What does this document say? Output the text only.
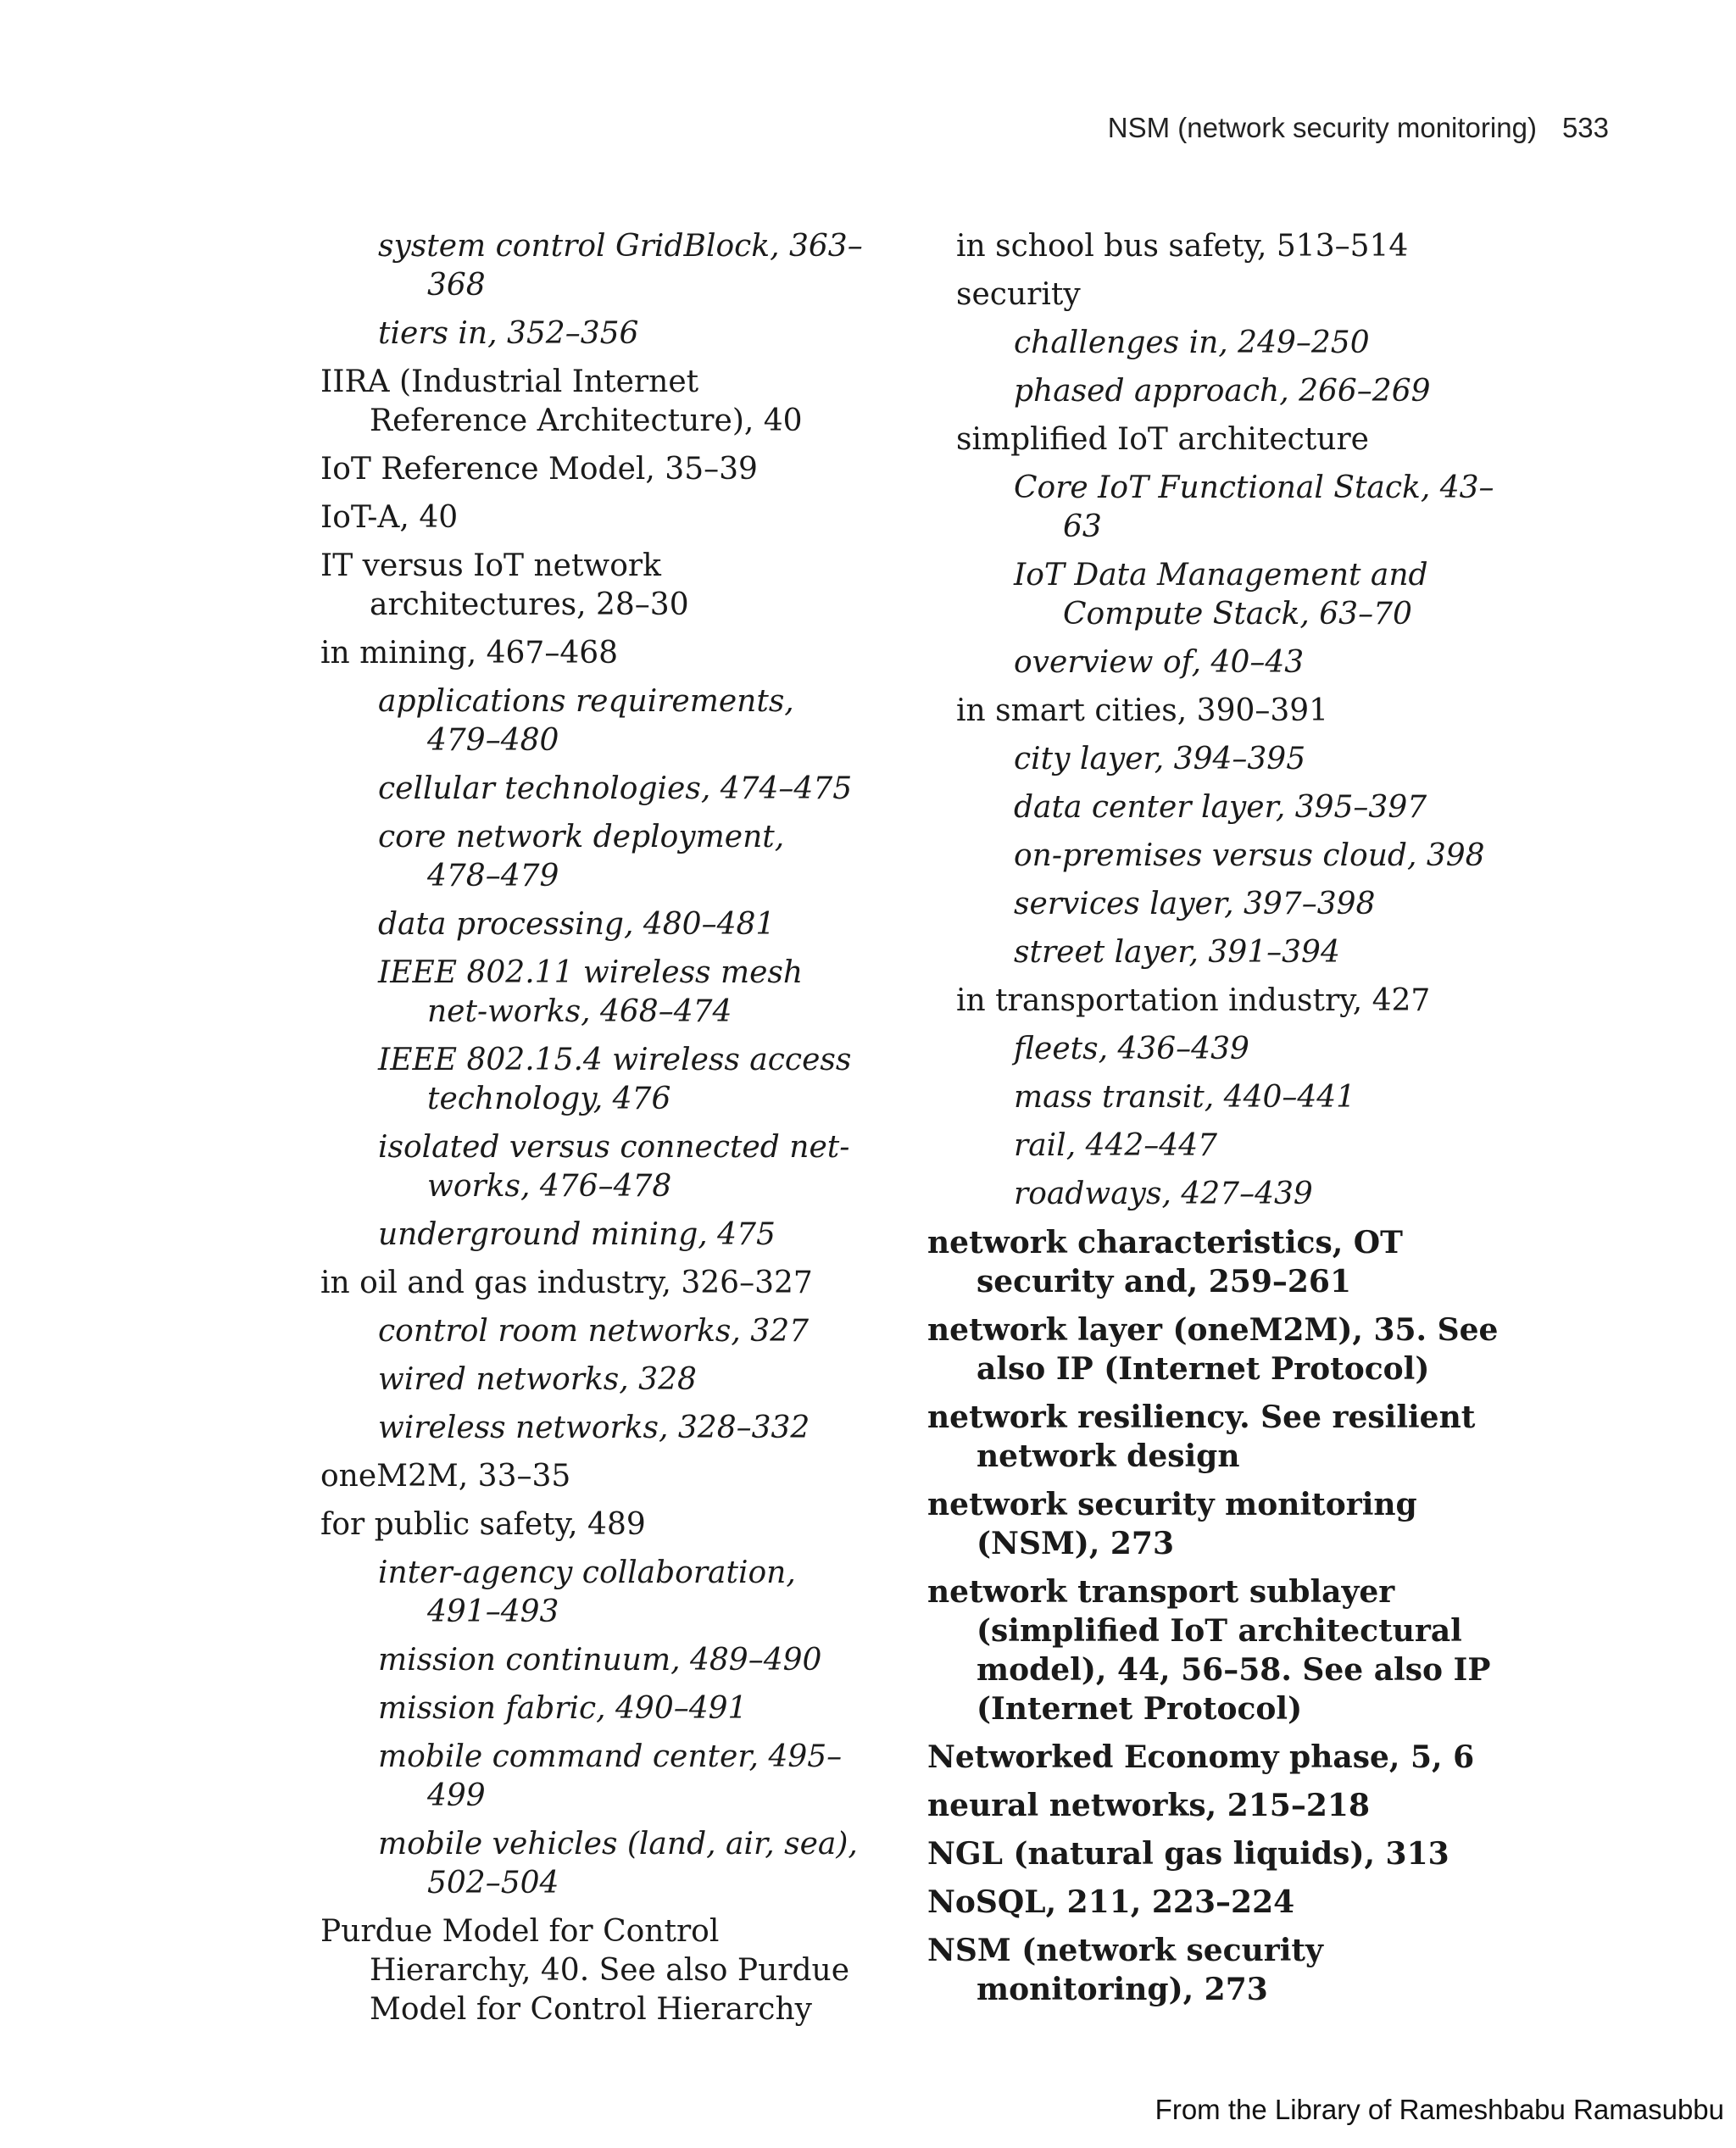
NSM (network security monitoring) 533
system control GridBlock, 363–368
tiers in, 352–356
IIRA (Industrial Internet Reference Architecture), 40
IoT Reference Model, 35–39
IoT-A, 40
IT versus IoT network architectures, 28–30
in mining, 467–468
applications requirements, 479–480
cellular technologies, 474–475
core network deployment, 478–479
data processing, 480–481
IEEE 802.11 wireless mesh net-works, 468–474
IEEE 802.15.4 wireless access technology, 476
isolated versus connected net-works, 476–478
underground mining, 475
in oil and gas industry, 326–327
control room networks, 327
wired networks, 328
wireless networks, 328–332
oneM2M, 33–35
for public safety, 489
inter-agency collaboration, 491–493
mission continuum, 489–490
mission fabric, 490–491
mobile command center, 495–499
mobile vehicles (land, air, sea), 502–504
Purdue Model for Control Hierarchy, 40. See also Purdue Model for Control Hierarchy
in school bus safety, 513–514
security
challenges in, 249–250
phased approach, 266–269
simplified IoT architecture
Core IoT Functional Stack, 43–63
IoT Data Management and Compute Stack, 63–70
overview of, 40–43
in smart cities, 390–391
city layer, 394–395
data center layer, 395–397
on-premises versus cloud, 398
services layer, 397–398
street layer, 391–394
in transportation industry, 427
fleets, 436–439
mass transit, 440–441
rail, 442–447
roadways, 427–439
network characteristics, OT security and, 259–261
network layer (oneM2M), 35. See also IP (Internet Protocol)
network resiliency. See resilient network design
network security monitoring (NSM), 273
network transport sublayer (simplified IoT architectural model), 44, 56–58. See also IP (Internet Protocol)
Networked Economy phase, 5, 6
neural networks, 215–218
NGL (natural gas liquids), 313
NoSQL, 211, 223–224
NSM (network security monitoring), 273
From the Library of Rameshbabu Ramasubbu
